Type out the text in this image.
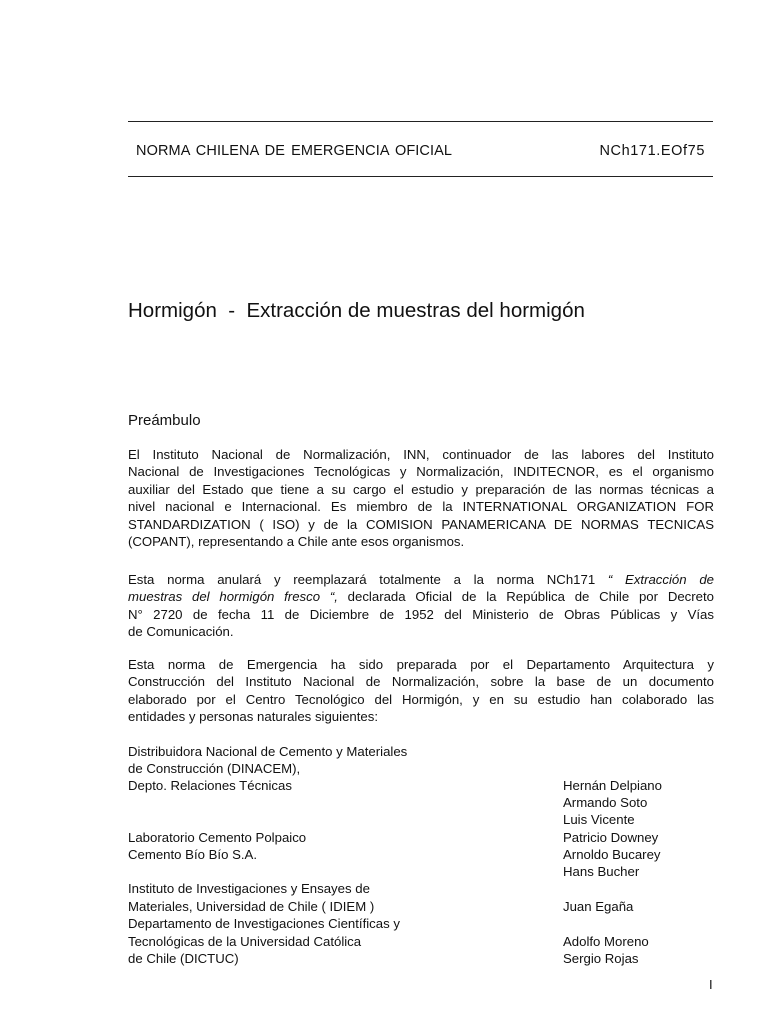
NORMA CHILENA DE EMERGENCIA OFICIAL	NCh171.EOf75
Hormigón  -  Extracción de muestras del hormigón
Preámbulo

El Instituto Nacional de Normalización, INN, continuador de las labores del Instituto
Nacional de Investigaciones Tecnológicas y Normalización, INDITECNOR, es el organismo
auxiliar del Estado que tiene a su cargo el estudio y preparación de las normas técnicas a
nivel nacional e Internacional. Es miembro de la INTERNATIONAL ORGANIZATION FOR
STANDARDIZATION ( ISO) y de la COMISION PANAMERICANA DE NORMAS TECNICAS
(COPANT), representando a Chile ante esos organismos.

Esta norma anulará y reemplazará totalmente a la norma NCh171 “ Extracción de
muestras del hormigón fresco “, declarada Oficial de la República de Chile por Decreto
N° 2720 de fecha 11 de Diciembre de 1952 del Ministerio de Obras Públicas y Vías
de Comunicación.

Esta norma de Emergencia ha sido preparada por el Departamento Arquitectura y
Construcción del Instituto Nacional de Normalización, sobre la base de un documento
elaborado por el Centro Tecnológico del Hormigón, y en su estudio han colaborado las
entidades y personas naturales siguientes:

Distribuidora Nacional de Cemento y Materiales
de Construcción (DINACEM),
Depto. Relaciones Técnicas
Laboratorio Cemento Polpaico
Cemento Bío Bío S.A.
Instituto de Investigaciones y Ensayes de
Materiales, Universidad de Chile ( IDIEM )
Departamento de Investigaciones Científicas y
Tecnológicas de la Universidad Católica
de Chile (DICTUC)
Hernán Delpiano
Armando Soto
Luis Vicente
Patricio Downey
Arnoldo Bucarey
Hans Bucher
Juan Egaña
Adolfo Moreno
Sergio Rojas
I
